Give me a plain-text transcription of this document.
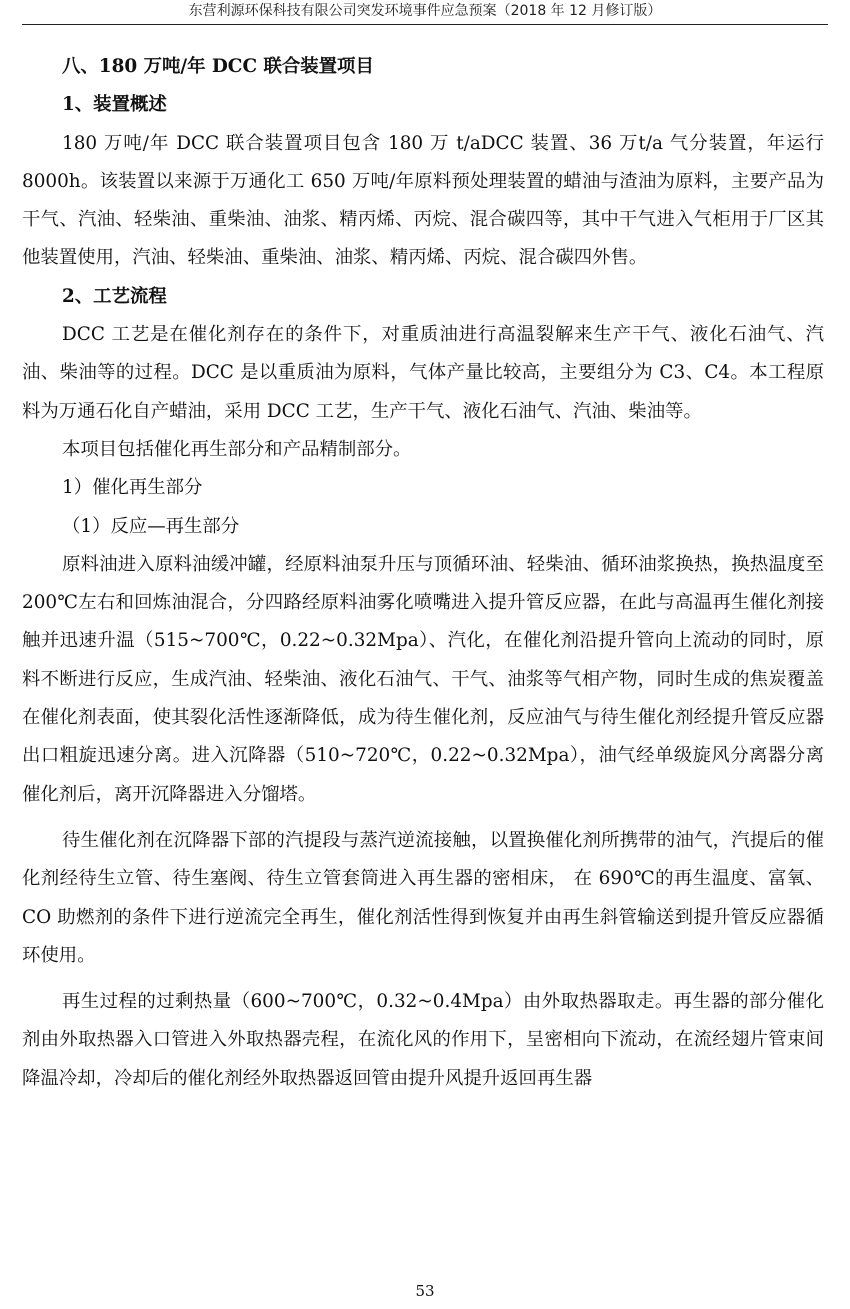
东营利源环保科技有限公司突发环境事件应急预案（2018 年 12 月修订版）

八、180 万吨/年 DCC 联合装置项目

1、装置概述

180 万吨/年 DCC 联合装置项目包含 180 万 t/aDCC 装置、36 万t/a 气分装置，年运行 8000h。该装置以来源于万通化工 650 万吨/年原料预处理装置的蜡油与渣油为原料，主要产品为干气、汽油、轻柴油、重柴油、油浆、精丙烯、丙烷、混合碳四等，其中干气进入气柜用于厂区其他装置使用，汽油、轻柴油、重柴油、油浆、精丙烯、丙烷、混合碳四外售。

2、工艺流程

DCC 工艺是在催化剂存在的条件下，对重质油进行高温裂解来生产干气、液化石油气、汽油、柴油等的过程。DCC 是以重质油为原料，气体产量比较高，主要组分为 C3、C4。本工程原料为万通石化自产蜡油，采用 DCC 工艺，生产干气、液化石油气、汽油、柴油等。

本项目包括催化再生部分和产品精制部分。

1）催化再生部分

（1）反应—再生部分

原料油进入原料油缓冲罐，经原料油泵升压与顶循环油、轻柴油、循环油浆换热，换热温度至 200℃左右和回炼油混合，分四路经原料油雾化喷嘴进入提升管反应器，在此与高温再生催化剂接触并迅速升温（515~700℃，0.22~0.32Mpa）、汽化，在催化剂沿提升管向上流动的同时，原料不断进行反应，生成汽油、轻柴油、液化石油气、干气、油浆等气相产物，同时生成的焦炭覆盖在催化剂表面，使其裂化活性逐渐降低，成为待生催化剂，反应油气与待生催化剂经提升管反应器出口粗旋迅速分离。进入沉降器（510~720℃，0.22~0.32Mpa），油气经单级旋风分离器分离催化剂后，离开沉降器进入分馏塔。

待生催化剂在沉降器下部的汽提段与蒸汽逆流接触，以置换催化剂所携带的油气，汽提后的催化剂经待生立管、待生塞阀、待生立管套筒进入再生器的密相床， 在 690℃的再生温度、富氧、CO 助燃剂的条件下进行逆流完全再生，催化剂活性得到恢复并由再生斜管输送到提升管反应器循环使用。

再生过程的过剩热量（600~700℃，0.32~0.4Mpa）由外取热器取走。再生器的部分催化剂由外取热器入口管进入外取热器壳程，在流化风的作用下，呈密相向下流动，在流经翅片管束间降温冷却，冷却后的催化剂经外取热器返回管由提升风提升返回再生器

53
